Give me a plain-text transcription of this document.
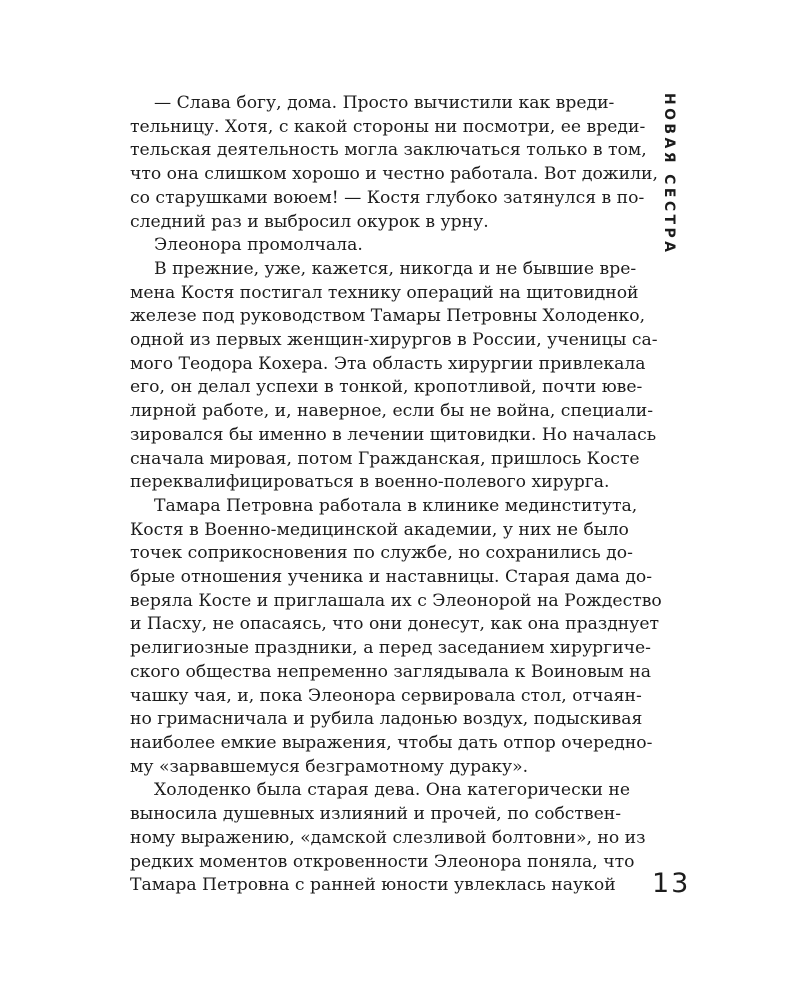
— Слава богу, дома. Просто вычистили как вреди-
тельницу. Хотя, с какой стороны ни посмотри, ее вреди-
тельская деятельность могла заключаться только в том,
что она слишком хорошо и честно работала. Вот дожили,
со старушками воюем! — Костя глубоко затянулся в по-
следний раз и выбросил окурок в урну.
Элеонора промолчала.
В прежние, уже, кажется, никогда и не бывшие вре-
мена Костя постигал технику операций на щитовидной
железе под руководством Тамары Петровны Холоденко,
одной из первых женщин-хирургов в России, ученицы са-
мого Теодора Кохера. Эта область хирургии привлекала
его, он делал успехи в тонкой, кропотливой, почти юве-
лирной работе, и, наверное, если бы не война, специали-
зировался бы именно в лечении щитовидки. Но началась
сначала мировая, потом Гражданская, пришлось Косте
переквалифицироваться в военно-полевого хирурга.
Тамара Петровна работала в клинике мединститута,
Костя в Военно-медицинской академии, у них не было
точек соприкосновения по службе, но сохранились до-
брые отношения ученика и наставницы. Старая дама до-
веряла Косте и приглашала их с Элеонорой на Рождество
и Пасху, не опасаясь, что они донесут, как она празднует
религиозные праздники, а перед заседанием хирургиче-
ского общества непременно заглядывала к Воиновым на
чашку чая, и, пока Элеонора сервировала стол, отчаян-
но гримасничала и рубила ладонью воздух, подыскивая
наиболее емкие выражения, чтобы дать отпор очередно-
му «зарвавшемуся безграмотному дураку».
Холоденко была старая дева. Она категорически не
выносила душевных излияний и прочей, по собствен-
ному выражению, «дамской слезливой болтовни», но из
редких моментов откровенности Элеонора поняла, что
Тамара Петровна с ранней юности увлеклась наукой
НОВАЯ СЕСТРА
13
